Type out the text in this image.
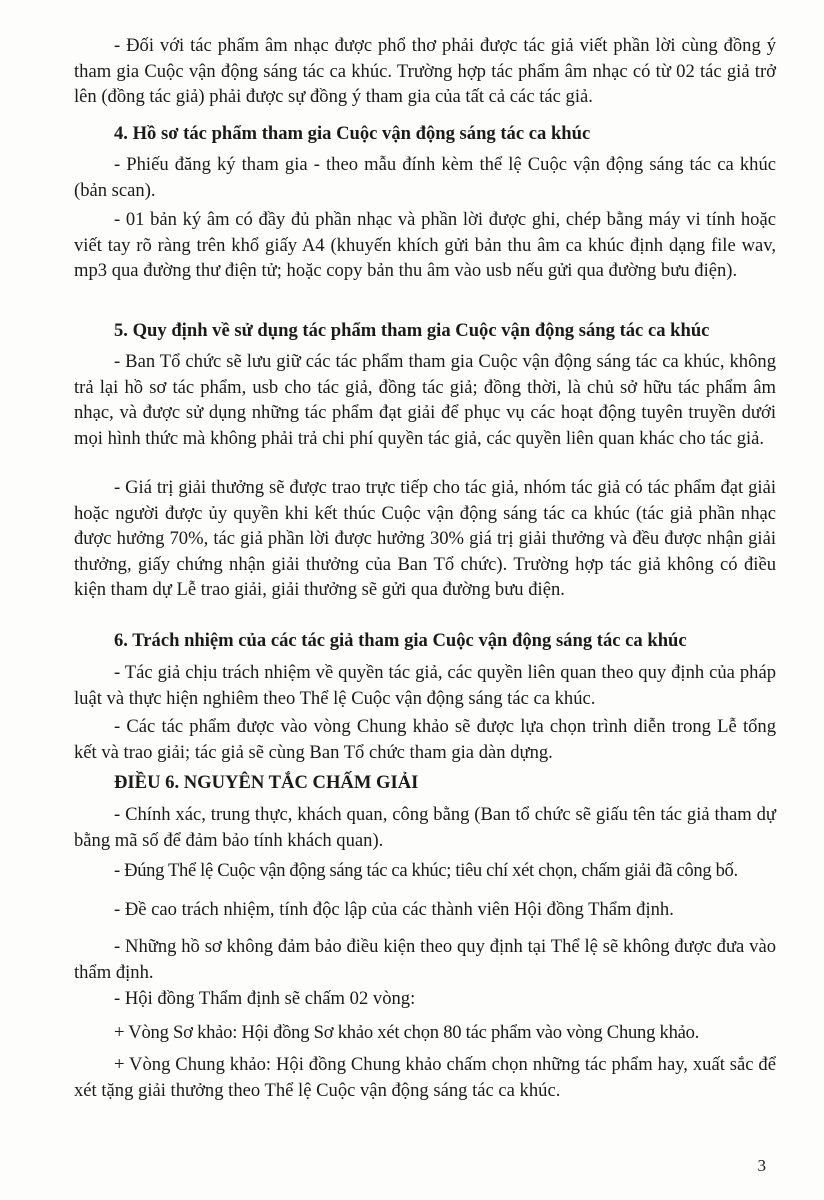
- Đối với tác phẩm âm nhạc được phổ thơ phải được tác giả viết phần lời cùng đồng ý tham gia Cuộc vận động sáng tác ca khúc. Trường hợp tác phẩm âm nhạc có từ 02 tác giả trở lên (đồng tác giả) phải được sự đồng ý tham gia của tất cả các tác giả.

4. Hồ sơ tác phẩm tham gia Cuộc vận động sáng tác ca khúc

- Phiếu đăng ký tham gia - theo mẫu đính kèm thể lệ Cuộc vận động sáng tác ca khúc (bản scan).

- 01 bản ký âm có đầy đủ phần nhạc và phần lời được ghi, chép bằng máy vi tính hoặc viết tay rõ ràng trên khổ giấy A4 (khuyến khích gửi bản thu âm ca khúc định dạng file wav, mp3 qua đường thư điện tử; hoặc copy bản thu âm vào usb nếu gửi qua đường bưu điện).

5. Quy định về sử dụng tác phẩm tham gia Cuộc vận động sáng tác ca khúc

- Ban Tổ chức sẽ lưu giữ các tác phẩm tham gia Cuộc vận động sáng tác ca khúc, không trả lại hồ sơ tác phẩm, usb cho tác giả, đồng tác giả; đồng thời, là chủ sở hữu tác phẩm âm nhạc, và được sử dụng những tác phẩm đạt giải để phục vụ các hoạt động tuyên truyền dưới mọi hình thức mà không phải trả chi phí quyền tác giả, các quyền liên quan khác cho tác giả.

- Giá trị giải thưởng sẽ được trao trực tiếp cho tác giả, nhóm tác giả có tác phẩm đạt giải hoặc người được ủy quyền khi kết thúc Cuộc vận động sáng tác ca khúc (tác giả phần nhạc được hưởng 70%, tác giả phần lời được hưởng 30% giá trị giải thưởng và đều được nhận giải thưởng, giấy chứng nhận giải thưởng của Ban Tổ chức). Trường hợp tác giả không có điều kiện tham dự Lễ trao giải, giải thưởng sẽ gửi qua đường bưu điện.

6. Trách nhiệm của các tác giả tham gia Cuộc vận động sáng tác ca khúc

- Tác giả chịu trách nhiệm về quyền tác giả, các quyền liên quan theo quy định của pháp luật và thực hiện nghiêm theo Thể lệ Cuộc vận động sáng tác ca khúc.

- Các tác phẩm được vào vòng Chung khảo sẽ được lựa chọn trình diễn trong Lễ tổng kết và trao giải; tác giả sẽ cùng Ban Tổ chức tham gia dàn dựng.

ĐIỀU 6. NGUYÊN TẮC CHẤM GIẢI

- Chính xác, trung thực, khách quan, công bằng (Ban tổ chức sẽ giấu tên tác giả tham dự bằng mã số để đảm bảo tính khách quan).

- Đúng Thể lệ Cuộc vận động sáng tác ca khúc; tiêu chí xét chọn, chấm giải đã công bố.

- Đề cao trách nhiệm, tính độc lập của các thành viên Hội đồng Thẩm định.

- Những hồ sơ không đảm bảo điều kiện theo quy định tại Thể lệ sẽ không được đưa vào thẩm định.

- Hội đồng Thẩm định sẽ chấm 02 vòng:

+ Vòng Sơ khảo: Hội đồng Sơ khảo xét chọn 80 tác phẩm vào vòng Chung khảo.

+ Vòng Chung khảo: Hội đồng Chung khảo chấm chọn những tác phẩm hay, xuất sắc để xét tặng giải thưởng theo Thể lệ Cuộc vận động sáng tác ca khúc.

3
